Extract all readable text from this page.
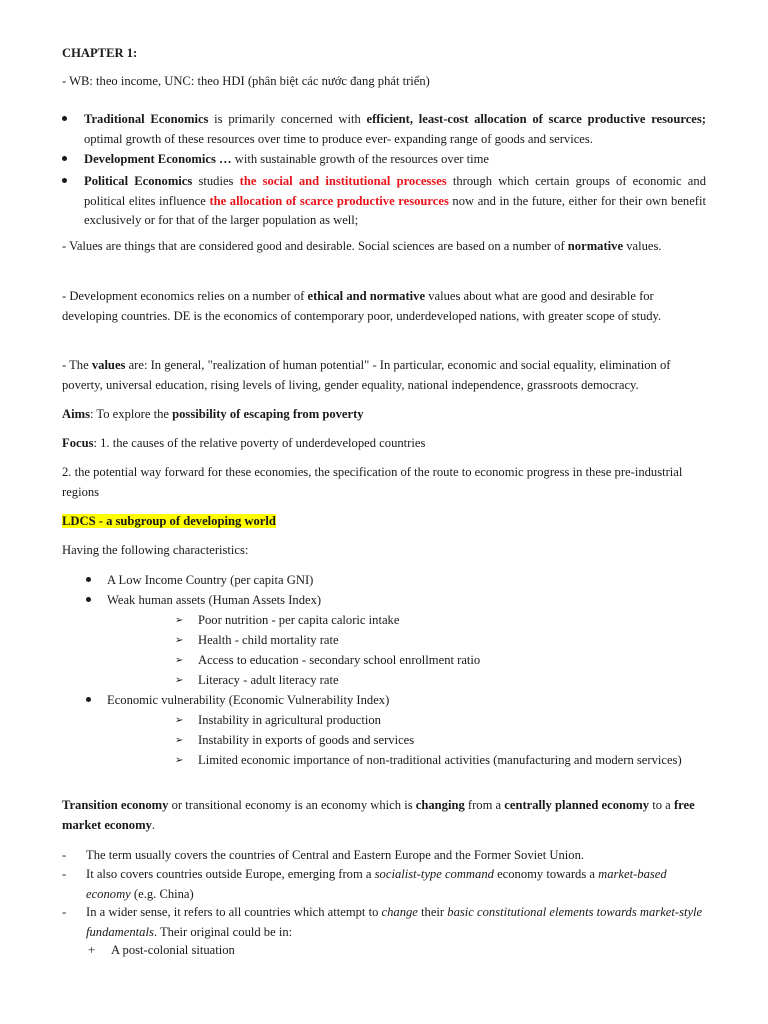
CHAPTER 1:

- WB: theo income, UNC: theo HDI (phân biệt các nước đang phát triển)

Traditional Economics is primarily concerned with efficient, least-cost allocation of scarce productive resources; optimal growth of these resources over time to produce ever- expanding range of goods and services.

Development Economics … with sustainable growth of the resources over time

Political Economics studies the social and institutional processes through which certain groups of economic and political elites influence the allocation of scarce productive resources now and in the future, either for their own benefit exclusively or for that of the larger population as well;

- Values are things that are considered good and desirable. Social sciences are based on a number of normative values.

- Development economics relies on a number of ethical and normative values about what are good and desirable for developing countries. DE is the economics of contemporary poor, underdeveloped nations, with greater scope of study.

- The values are: In general, "realization of human potential" - In particular, economic and social equality, elimination of poverty, universal education, rising levels of living, gender equality, national independence, grassroots democracy.

Aims: To explore the possibility of escaping from poverty

Focus: 1. the causes of the relative poverty of underdeveloped countries

2. the potential way forward for these economies, the specification of the route to economic progress in these pre-industrial regions

LDCS - a subgroup of developing world

Having the following characteristics:

A Low Income Country (per capita GNI)

Weak human assets (Human Assets Index)

➢	Poor nutrition - per capita caloric intake

➢	Health - child mortality rate

➢	Access to education - secondary school enrollment ratio

➢	Literacy - adult literacy rate

Economic vulnerability (Economic Vulnerability Index)

➢	Instability in agricultural production

➢	Instability in exports of goods and services

➢	Limited economic importance of non-traditional activities (manufacturing and modern services)

Transition economy or transitional economy is an economy which is changing from a centrally planned economy to a free market economy.

-	The term usually covers the countries of Central and Eastern Europe and the Former Soviet Union.

-	It also covers countries outside Europe, emerging from a socialist-type command economy towards a market-based economy (e.g. China)

-	In a wider sense, it refers to all countries which attempt to change their basic constitutional elements towards market-style fundamentals. Their original could be in:

+	A post-colonial situation
